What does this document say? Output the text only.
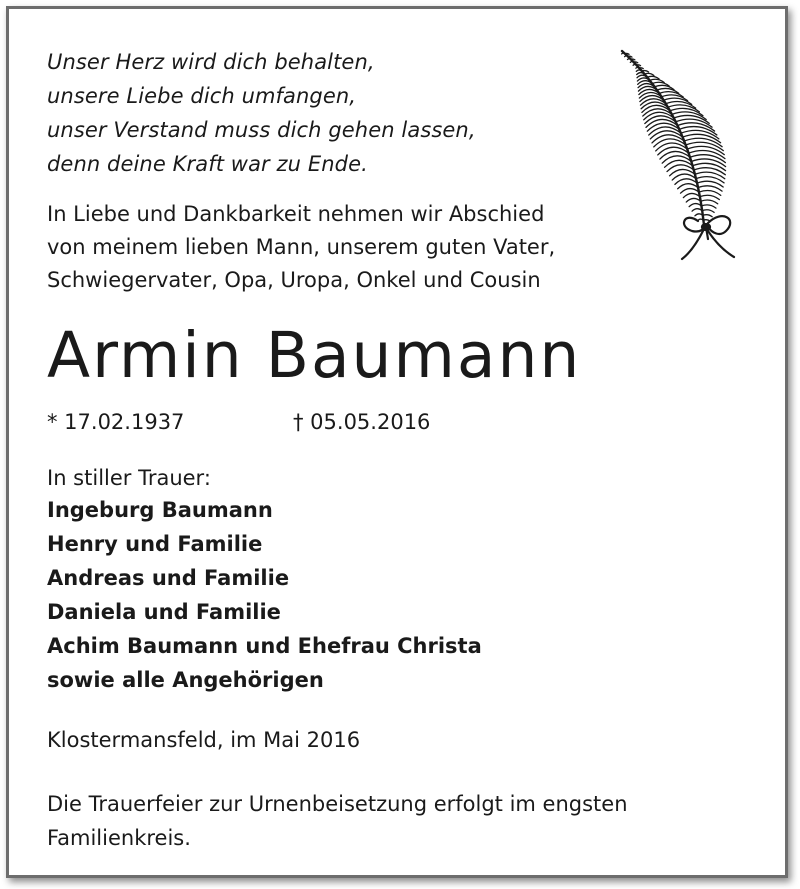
Unser Herz wird dich behalten,
unsere Liebe dich umfangen,
unser Verstand muss dich gehen lassen,
denn deine Kraft war zu Ende.
In Liebe und Dankbarkeit nehmen wir Abschied
von meinem lieben Mann, unserem guten Vater,
Schwiegervater, Opa, Uropa, Onkel und Cousin
Armin Baumann
* 17.02.1937	† 05.05.2016
In stiller Trauer:
Ingeburg Baumann
Henry und Familie
Andreas und Familie
Daniela und Familie
Achim Baumann und Ehefrau Christa
sowie alle Angehörigen
Klostermansfeld, im Mai 2016
Die Trauerfeier zur Urnenbeisetzung erfolgt im engsten
Familienkreis.
